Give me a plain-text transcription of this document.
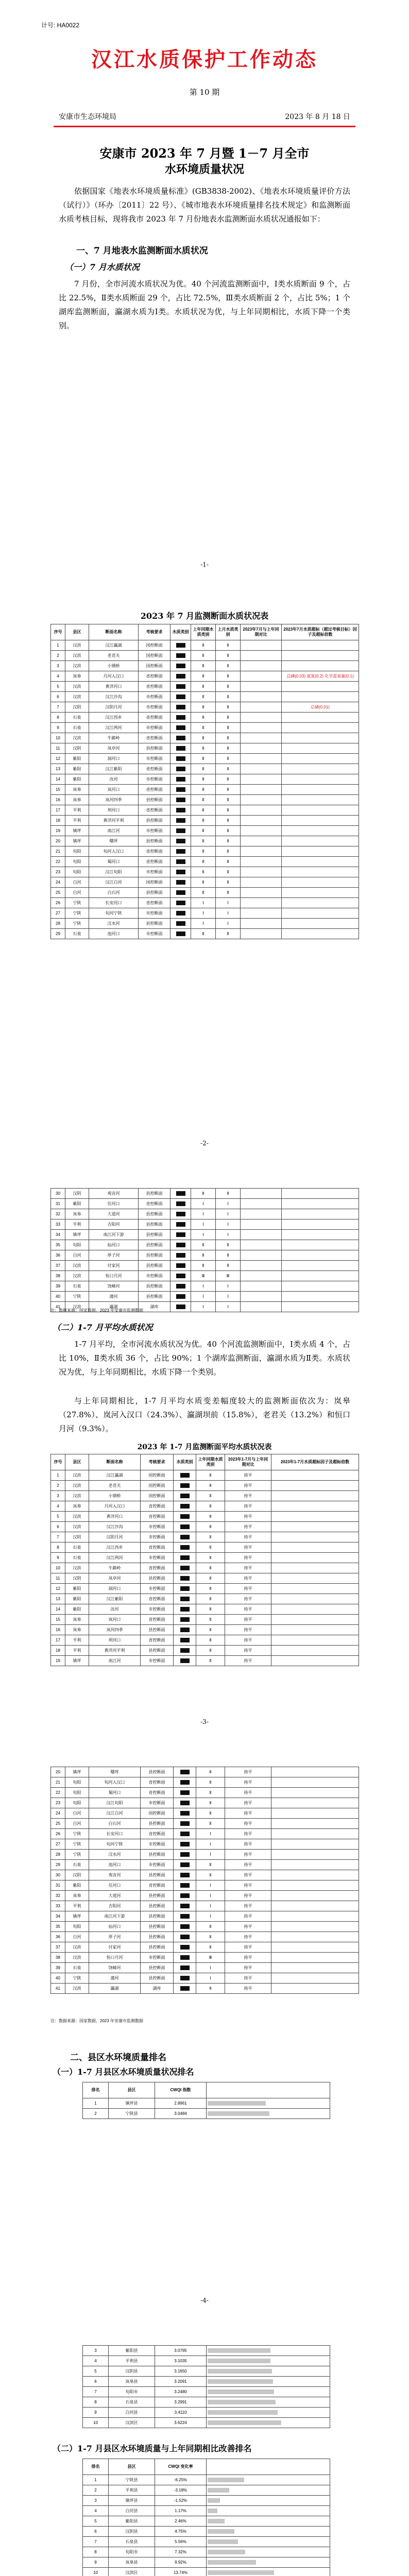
计号: HA0022
汉江水质保护工作动态
第 10 期
安康市生态环境局	2023 年 8 月 18 日
安康市 2023 年 7 月暨 1－7 月全市
水环境质量状况
依据国家《地表水环境质量标准》(GB3838-2002)、《地表水环境质量评价方法（试行）》（环办〔2011〕22 号）、《城市地表水环境质量排名技术规定》和监测断面水质考核目标，现将我市 2023 年 7 月份地表水监测断面水质状况通报如下：
一、7 月地表水监测断面水质状况
（一）7 月水质状况
7 月份，全市河流水质状况为优。40 个河流监测断面中，Ⅰ类水质断面 9 个，占比 22.5%，Ⅱ类水质断面 29 个，占比 72.5%，Ⅲ类水质断面 2 个，占比 5%；1 个湖库监测断面，瀛湖水质为Ⅰ类。水质状况为优，与上年同期相比，水质下降一个类别。
-1-
2023 年 7 月监测断面水质状况表
序号	县区	断面名称	考核要求	水质类别	上年同期水质类别	上月水质类别	2023年7月与上年同期对比	2023年7月水质超标（超过考核目标）因子及超标倍数
1	汉滨	汉江瀛湖	国控断面		Ⅱ	Ⅱ		
2	汉滨	老君关	国控断面		Ⅱ	Ⅱ		
3	汉滨	小钢桥	国控断面		Ⅱ	Ⅱ		
4	岚皋	月河入汉口	省控断面		Ⅱ	Ⅱ		总磷(0.03) 氨氮(0.2) 化学需氧量(0.1)
5	汉滨	黄洋河口	省控断面		Ⅱ	Ⅱ		
6	汉滨	汉江沙沟	市控断面		Ⅱ	Ⅱ		
7	汉阴	汉阴月河	市控断面		Ⅱ	Ⅱ		总磷(0.01)
8	石泉	汉江西乡	省控断面		Ⅱ	Ⅱ		
9	石泉	汉江两河	市控断面		Ⅱ	Ⅱ		
10	汉滨	牛蹄岭	省控断面		Ⅱ	Ⅱ		
11	汉阴	凤亭河	县控断面		Ⅱ	Ⅱ		
12	紫阳	洞河口	市控断面		Ⅱ	Ⅱ		
13	紫阳	汉江紫阳	省控断面		Ⅱ	Ⅱ		
14	紫阳	汝河	市控断面		Ⅱ	Ⅱ		
15	岚皋	岚河口	省控断面		Ⅱ	Ⅱ		
16	岚皋	岚河四季	县控断面		Ⅱ	Ⅱ		
17	平利	坝河口	省控断面		Ⅱ	Ⅱ		
18	平利	黄洋河平利	县控断面		Ⅱ	Ⅱ		
19	镇坪	南江河	市控断面		Ⅱ	Ⅱ		
20	镇坪	曙坪	县控断面		Ⅱ	Ⅱ		
21	旬阳	旬河入汉口	省控断面		Ⅱ	Ⅱ		
22	旬阳	蜀河口	省控断面		Ⅱ	Ⅱ		
23	旬阳	汉江旬阳	市控断面		Ⅱ	Ⅱ		
24	白河	汉江白河	国控断面		Ⅱ	Ⅱ		
25	白河	白石河	县控断面		Ⅱ	Ⅱ		
26	宁陕	长安河口	省控断面		Ⅰ	Ⅰ		
27	宁陕	旬河宁陕	市控断面		Ⅰ	Ⅰ		
28	宁陕	汶水河	县控断面		Ⅰ	Ⅰ		
29	石泉	池河口	市控断面		Ⅱ	Ⅱ		
-2-
30	汉阴	观音河	县控断面		Ⅱ	Ⅱ		
31	紫阳	任河口	省控断面		Ⅰ	Ⅰ		
32	岚皋	大道河	县控断面		Ⅰ	Ⅰ		
33	平利	吉阳河	县控断面		Ⅰ	Ⅰ		
34	镇坪	南江河下游	县控断面		Ⅰ	Ⅰ		
35	旬阳	仙河口	县控断面		Ⅱ	Ⅱ		
36	白河	厚子河	县控断面		Ⅱ	Ⅱ		
37	汉滨	付家河	县控断面		Ⅱ	Ⅱ		
38	汉滨	恒口月河	市控断面		Ⅲ	Ⅲ		
39	石泉	饶峰河	县控断面		Ⅰ	Ⅰ		
40	宁陕	蒲河	县控断面		Ⅰ	Ⅰ		
41	汉滨	瀛湖	湖库		Ⅰ	Ⅰ		
注：数据来源：国家数据、2023 年安康市监测数据
（二）1-7 月平均水质状况
1-7 月平均，全市河流水质状况为优。40 个河流监测断面中，Ⅰ类水质 4 个，占比 10%，Ⅱ类水质 36 个，占比 90%；1 个湖库监测断面，瀛湖水质为Ⅱ类。水质状况为优，与上年同期相比，水质下降一个类别。
与上年同期相比，1-7 月平均水质变差幅度较大的监测断面依次为：岚皋（27.8%）、岚河入汉口（24.3%）、瀛湖坝前（15.8%），老君关（13.2%）和恒口月河（9.3%）。
2023 年 1-7 月监测断面平均水质状况表
序号	县区	断面名称	考核要求	水质类别	上年同期水质类别	2023年1-7月与上年同期对比	2023年1-7月水质超标因子及超标倍数
1	汉滨	汉江瀛湖	国控断面		Ⅱ	持平	
2	汉滨	老君关	国控断面		Ⅱ	持平	
3	汉滨	小钢桥	国控断面		Ⅱ	持平	
4	岚皋	月河入汉口	省控断面		Ⅱ	持平	
5	汉滨	黄洋河口	省控断面		Ⅱ	持平	
6	汉滨	汉江沙沟	市控断面		Ⅱ	持平	
7	汉阴	汉阴月河	市控断面		Ⅱ	持平	
8	石泉	汉江西乡	省控断面		Ⅱ	持平	
9	石泉	汉江两河	市控断面		Ⅱ	持平	
10	汉滨	牛蹄岭	省控断面		Ⅱ	持平	
11	汉阴	凤亭河	县控断面		Ⅱ	持平	
12	紫阳	洞河口	市控断面		Ⅱ	持平	
13	紫阳	汉江紫阳	省控断面		Ⅱ	持平	
14	紫阳	汝河	市控断面		Ⅱ	持平	
15	岚皋	岚河口	省控断面		Ⅱ	持平	
16	岚皋	岚河四季	县控断面		Ⅱ	持平	
17	平利	坝河口	省控断面		Ⅱ	持平	
18	平利	黄洋河平利	县控断面		Ⅱ	持平	
19	镇坪	南江河	市控断面		Ⅱ	持平	
-3-
20	镇坪	曙坪	县控断面		Ⅱ	持平	
21	旬阳	旬河入汉口	省控断面		Ⅱ	持平	
22	旬阳	蜀河口	省控断面		Ⅱ	持平	
23	旬阳	汉江旬阳	市控断面		Ⅱ	持平	
24	白河	汉江白河	国控断面		Ⅱ	持平	
25	白河	白石河	县控断面		Ⅱ	持平	
26	宁陕	长安河口	省控断面		Ⅰ	持平	
27	宁陕	旬河宁陕	市控断面		Ⅰ	持平	
28	宁陕	汶水河	县控断面		Ⅰ	持平	
29	石泉	池河口	市控断面		Ⅱ	持平	
30	汉阴	观音河	县控断面		Ⅱ	持平	
31	紫阳	任河口	省控断面		Ⅰ	持平	
32	岚皋	大道河	县控断面		Ⅰ	持平	
33	平利	吉阳河	县控断面		Ⅰ	持平	
34	镇坪	南江河下游	县控断面		Ⅰ	持平	
35	旬阳	仙河口	县控断面		Ⅱ	持平	
36	白河	厚子河	县控断面		Ⅱ	持平	
37	汉滨	付家河	县控断面		Ⅱ	持平	
38	汉滨	恒口月河	市控断面		Ⅲ	持平	
39	石泉	饶峰河	县控断面		Ⅰ	持平	
40	宁陕	蒲河	县控断面		Ⅰ	持平	
41	汉滨	瀛湖	湖库		Ⅱ	持平	
注：数据来源：国家数据、2023 年安康市监测数据
二、县区水环境质量排名
（一）1-7 月县区水环境质量状况排名
排名	县区	CWQI 指数	
1	镇坪县	2.8961	

2	宁陕县	3.0484	
-4-
3	紫阳县	3.0795	

4	平利县	3.1035	

5	汉阴县	3.1650	

6	岚皋县	3.2091	

7	旬阳市	3.2480	

8	石泉县	3.2991	

9	白河县	3.4110	

10	汉滨区	3.6224	
（二）1-7 月县区水环境质量与上年同期相比改善排名
排名	县区	CWQI 变化率	
1	宁陕县	-6.25%	

2	平利县	-3.18%	

3	镇坪县	-1.52%	

4	白河县	1.17%	

5	紫阳县	2.46%	

6	汉阴县	4.75%	

7	石泉县	5.56%	

8	旬阳市	7.32%	

9	岚皋县	9.92%	

10	汉滨区	13.74%	
